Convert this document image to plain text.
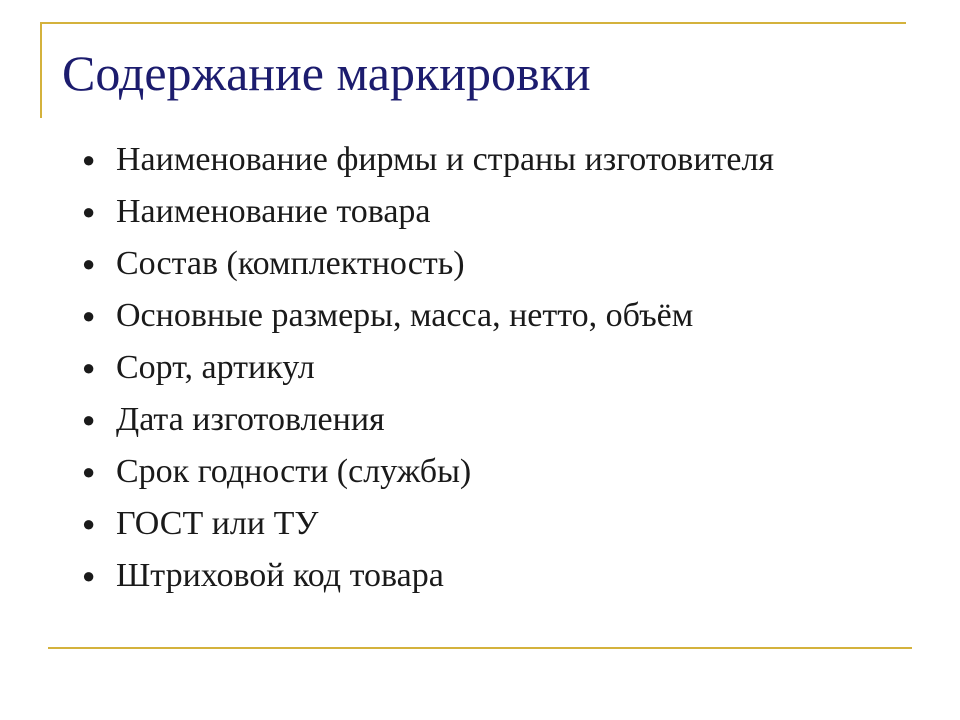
Содержание маркировки
● Наименование фирмы и страны изготовителя
● Наименование товара
● Состав (комплектность)
● Основные размеры, масса, нетто, объём
● Сорт, артикул
● Дата изготовления
● Срок годности (службы)
● ГОСТ или ТУ
● Штриховой код товара
